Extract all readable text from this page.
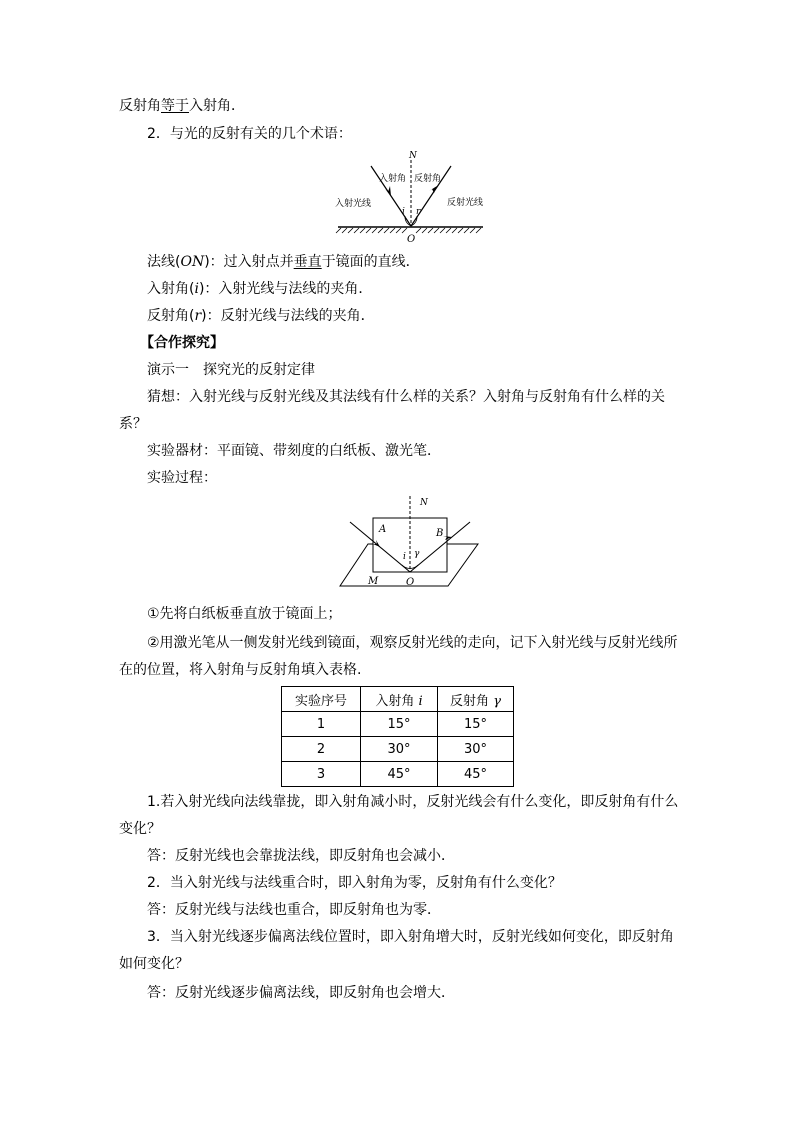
反射角等于入射角．
2．与光的反射有关的几个术语：
N
入射角 反射角
入射光线	反射光线
i r
O
法线(ON)：过入射点并垂直于镜面的直线．
入射角(i)：入射光线与法线的夹角．
反射角(r)：反射光线与法线的夹角．
【合作探究】
演示一　探究光的反射定律
猜想：入射光线与反射光线及其法线有什么样的关系？入射角与反射角有什么样的关
系？
实验器材：平面镜、带刻度的白纸板、激光笔．
实验过程：
N
A	B
i γ
M	O
①先将白纸板垂直放于镜面上；
②用激光笔从一侧发射光线到镜面，观察反射光线的走向，记下入射光线与反射光线所
在的位置，将入射角与反射角填入表格.
实验序号	入射角 i	反射角 γ
1	15°	15°
2	30°	30°
3	45°	45°
1.若入射光线向法线靠拢，即入射角减小时，反射光线会有什么变化，即反射角有什么
变化？
答：反射光线也会靠拢法线，即反射角也会减小．
2．当入射光线与法线重合时，即入射角为零，反射角有什么变化？
答：反射光线与法线也重合，即反射角也为零．
3．当入射光线逐步偏离法线位置时，即入射角增大时，反射光线如何变化，即反射角
如何变化？
答：反射光线逐步偏离法线，即反射角也会增大．
